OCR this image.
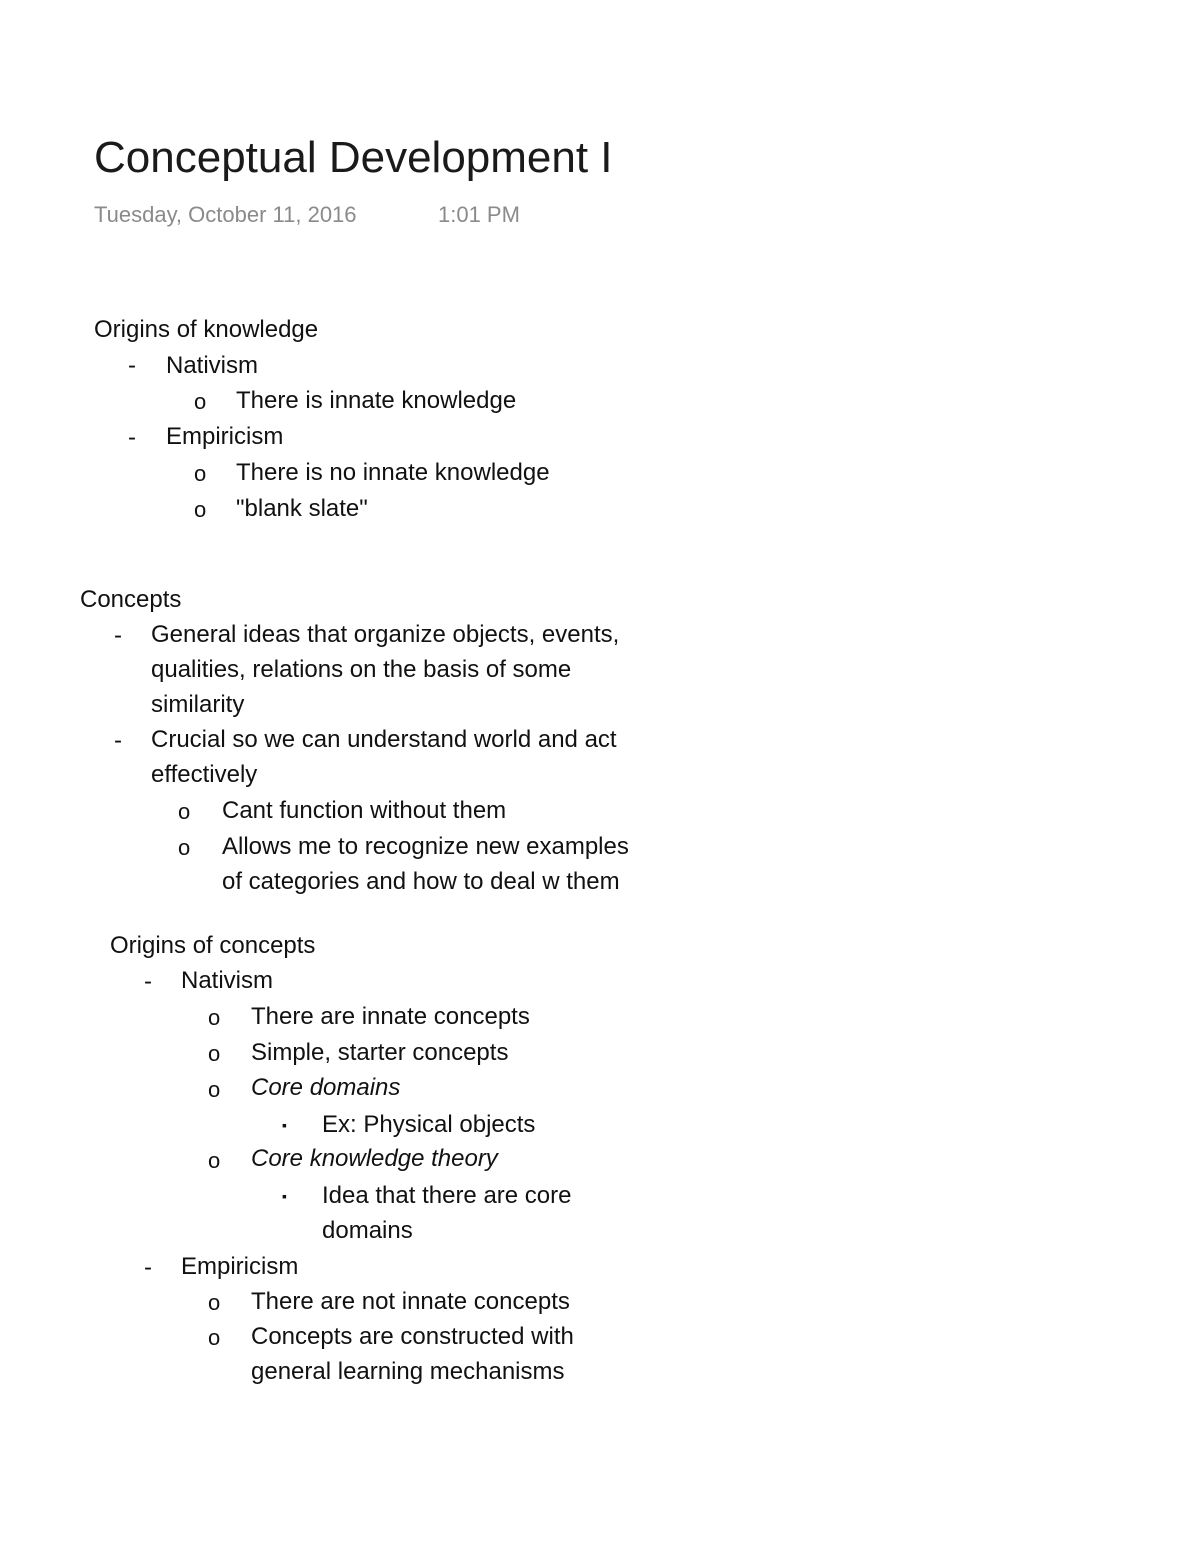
Conceptual Development I
Tuesday, October 11, 2016	1:01 PM
Origins of knowledge
- Nativism
o There is innate knowledge
- Empiricism
o There is no innate knowledge
o "blank slate"
Concepts
- General ideas that organize objects, events,
qualities, relations on the basis of some
similarity
- Crucial so we can understand world and act
effectively
o Cant function without them
o Allows me to recognize new examples
of categories and how to deal w them
Origins of concepts
- Nativism
o There are innate concepts
o Simple, starter concepts
o Core domains
▪ Ex: Physical objects
o Core knowledge theory
▪ Idea that there are core
domains
- Empiricism
o There are not innate concepts
o Concepts are constructed with
general learning mechanisms
